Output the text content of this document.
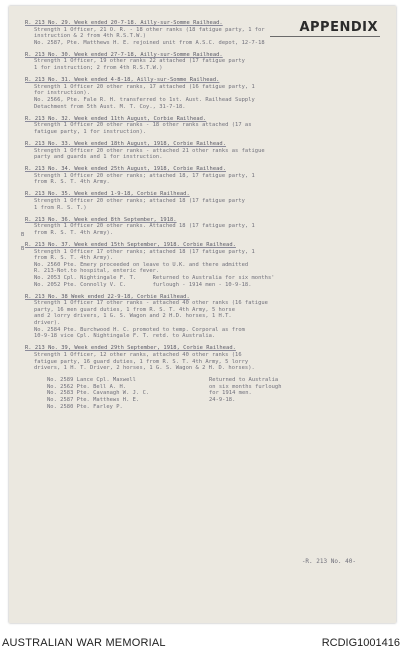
APPENDIX
R. 213 No. 29. Week ended 20-7-18. Ailly-sur-Somme Railhead.
Strength 1 Officer, 21 O. R. - 18 other ranks (18 fatigue party, 1 for
instruction & 2 from 4th R.S.T.W.)
No. 2587, Pte. Matthews H. E. rejoined unit from A.S.C. depot, 12-7-18
R. 213 No. 30. Week ended 27-7-18, Ailly-sur-Somme Railhead.
Strength 1 Officer, 19 other ranks 22 attached (17 fatigue party
1 for instruction; 2 from 4th R.S.T.W.)
R. 213 No. 31. Week ended 4-8-18, Ailly-sur-Somme Railhead.
Strength 1 Officer 20 other ranks, 17 attached (16 fatigue party, 1
for instruction).
No. 2566, Pte. Fale R. H. transferred to 1st. Aust. Railhead Supply
Detachment from 5th Aust. M. T. Coy., 31-7-18.
R. 213 No. 32. Week ended 11th August, Corbie Railhead.
Strength 1 Officer 20 other ranks - 18 other ranks attached (17 as
fatigue party, 1 for instruction).
R. 213 No. 33. Week ended 18th August, 1918, Corbie Railhead.
Strength 1 Officer 20 other ranks - attached 21 other ranks as fatigue
party and guards and 1 for instruction.
R. 213 No. 34. Week ended 25th August, 1918, Corbie Railhead.
Strength 1 Officer 20 other ranks; attached 18, 17 fatigue party, 1
from R. S. T. 4th Army.
R. 213 No. 35. Week ended 1-9-18, Corbie Railhead.
Strength 1 Officer 20 other ranks; attached 18 (17 fatigue party
1 from R. S. T.)
R. 213 No. 36. Week ended 8th September, 1918.
Strength 1 Officer 20 other ranks. Attached 18 (17 fatigue party, 1
from R. S. T. 4th Army).
R. 213 No. 37. Week ended 15th September, 1918. Corbie Railhead.
Strength 1 Officer 17 other ranks; attached 18 (17 fatigue party, 1
from R. S. T. 4th Army).
No. 2560 Pte. Emery proceeded on leave to U.K. and there admitted
R. 213-Not.to hospital, enteric fever.
No. 2053 Cpl. Nightingale F. T.     Returned to Australia for six months'
No. 2052 Pte. Connolly V. C.        furlough - 1914 men - 10-9-18.
R. 213 No. 38 Week ended 22-9-18, Corbie Railhead.
Strength 1 Officer 17 other ranks - attached 40 other ranks (16 fatigue
party, 16 men guard duties, 1 from R. S. T. 4th Army, 5 horse
and 2 lorry drivers, 1 G. S. Wagon and 2 H.D. horses, 1 H.T.
driver).
No. 2584 Pte. Burchwood H. C. promoted to temp. Corporal as from
10-9-18 vice Cpl. Nightingale F. T. retd. to Australia.
R. 213 No. 39, Week ended 29th September, 1918, Corbie Railhead.
Strength 1 Officer, 12 other ranks, attached 40 other ranks (16
fatigue party, 16 guard duties, 1 from R. S. T. 4th Army, 5 lorry
drivers, 1 H. T. Driver, 2 horses, 1 G. S. Wagon & 2 H. D. horses).
No. 2589 Lance Cpl. Maxwell
No. 2562 Pte. Bell A. H.
No. 2583 Pte. Cavanagh W. J. C.
No. 2587 Pte. Matthews H. E.
No. 2580 Pte. Farley P.
Returned to Australia
on six months furlough
for 1914 men.
24-9-18.
B
B
-R. 213 No. 40-
AUSTRALIAN WAR MEMORIAL	RCDIG1001416
